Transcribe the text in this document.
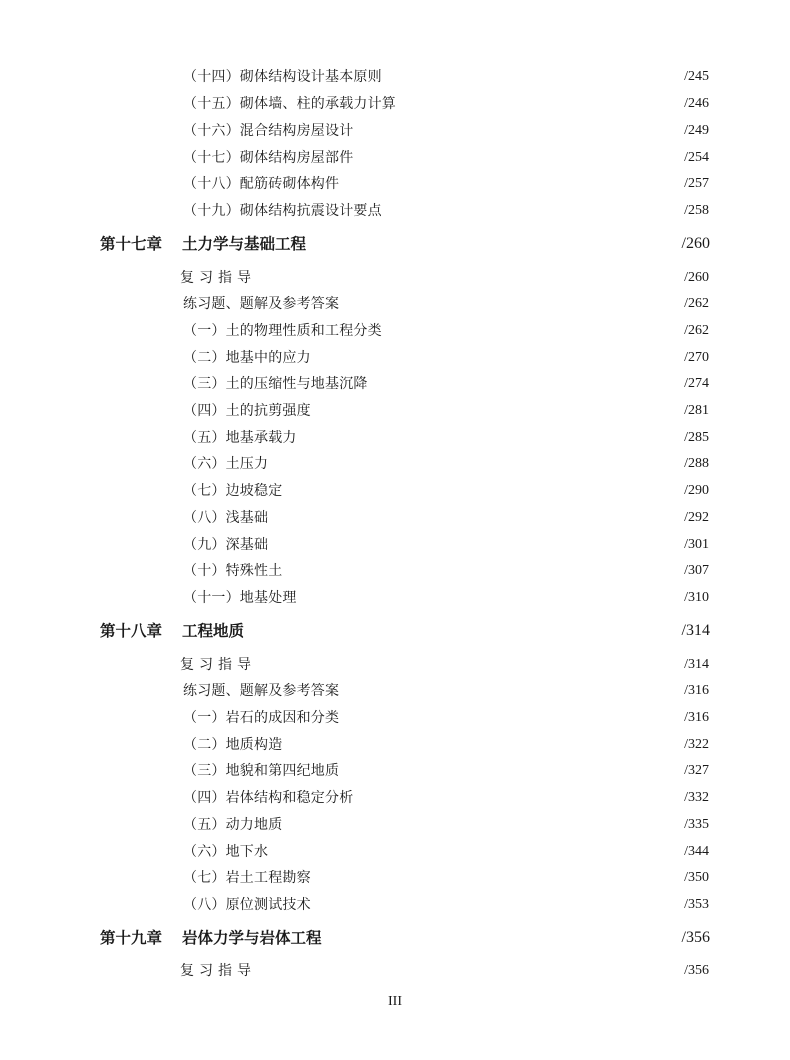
（十四）砌体结构设计基本原则	/245
（十五）砌体墙、柱的承载力计算	/246
（十六）混合结构房屋设计	/249
（十七）砌体结构房屋部件	/254
（十八）配筋砖砌体构件	/257
（十九）砌体结构抗震设计要点	/258
第十七章 土力学与基础工程	/260
复习指导	/260
练习题、题解及参考答案	/262
（一）土的物理性质和工程分类	/262
（二）地基中的应力	/270
（三）土的压缩性与地基沉降	/274
（四）土的抗剪强度	/281
（五）地基承载力	/285
（六）土压力	/288
（七）边坡稳定	/290
（八）浅基础	/292
（九）深基础	/301
（十）特殊性土	/307
（十一）地基处理	/310
第十八章 工程地质	/314
复习指导	/314
练习题、题解及参考答案	/316
（一）岩石的成因和分类	/316
（二）地质构造	/322
（三）地貌和第四纪地质	/327
（四）岩体结构和稳定分析	/332
（五）动力地质	/335
（六）地下水	/344
（七）岩土工程勘察	/350
（八）原位测试技术	/353
第十九章 岩体力学与岩体工程	/356
复习指导	/356
III
